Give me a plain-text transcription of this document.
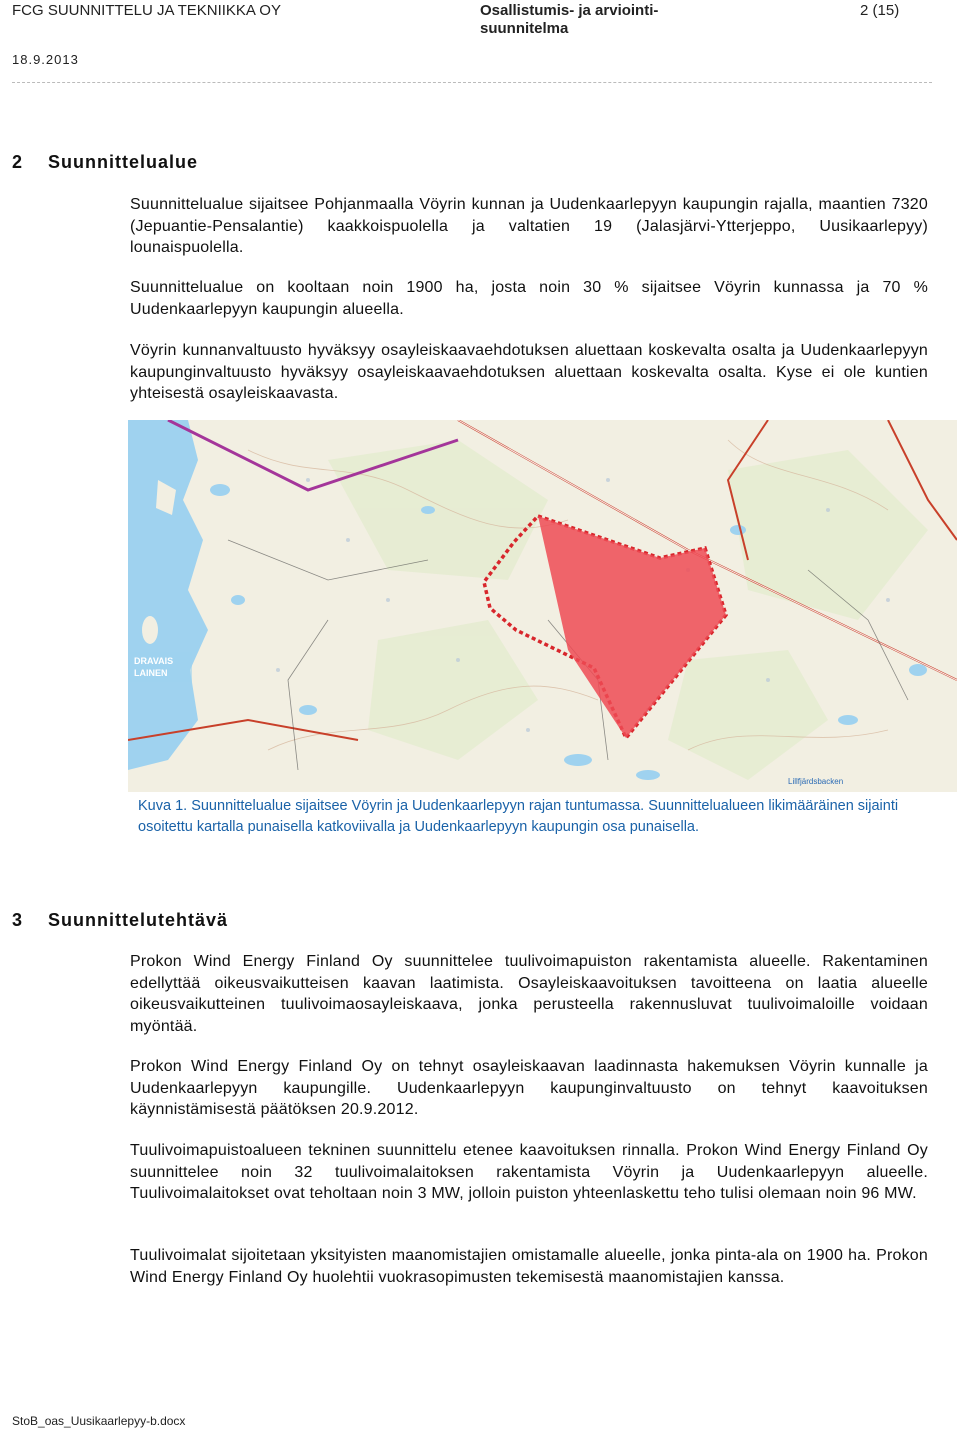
FCG SUUNNITTELU JA TEKNIIKKA OY	Osallistumis- ja arviointi-suunnitelma
2 (15)
18.9.2013
2 Suunnittelualue

Suunnittelualue sijaitsee Pohjanmaalla Vöyrin kunnan ja Uudenkaarlepyyn kaupungin rajalla, maantien 7320 (Jepuantie-Pensalantie) kaakkoispuolella ja valtatien 19 (Jalasjärvi-Ytterjeppo, Uusikaarlepyy) lounaispuolella.

Suunnittelualue on kooltaan noin 1900 ha, josta noin 30 % sijaitsee Vöyrin kunnassa ja 70 % Uudenkaarlepyyn kaupungin alueella.

Vöyrin kunnanvaltuusto hyväksyy osayleiskaavaehdotuksen aluettaan koskevalta osalta ja Uudenkaarlepyyn kaupunginvaltuusto hyväksyy osayleiskaavaehdotuksen aluettaan koskevalta osalta. Kyse ei ole kuntien yhteisestä osayleiskaavasta.

DRAVAIS
LAINEN
Lillfjärdsbacken

Kuva 1. Suunnittelualue sijaitsee Vöyrin ja Uudenkaarlepyyn rajan tuntumassa. Suunnittelualueen likimääräinen sijainti osoitettu kartalla punaisella katkoviivalla ja Uudenkaarlepyyn kaupungin osa punaisella.

3 Suunnittelutehtävä

Prokon Wind Energy Finland Oy suunnittelee tuulivoimapuiston rakentamista alueelle. Rakentaminen edellyttää oikeusvaikutteisen kaavan laatimista. Osayleiskaavoituksen tavoitteena on laatia alueelle oikeusvaikutteinen tuulivoimaosayleiskaava, jonka perusteella rakennusluvat tuulivoimaloille voidaan myöntää.

Prokon Wind Energy Finland Oy on tehnyt osayleiskaavan laadinnasta hakemuksen Vöyrin kunnalle ja Uudenkaarlepyyn kaupungille. Uudenkaarlepyyn kaupunginvaltuusto on tehnyt kaavoituksen käynnistämisestä päätöksen 20.9.2012.

Tuulivoimapuistoalueen tekninen suunnittelu etenee kaavoituksen rinnalla. Prokon Wind Energy Finland Oy suunnittelee noin 32 tuulivoimalaitoksen rakentamista Vöyrin ja Uudenkaarlepyyn alueelle. Tuulivoimalaitokset ovat teholtaan noin 3 MW, jolloin puiston yhteenlaskettu teho tulisi olemaan noin 96 MW.

Tuulivoimalat sijoitetaan yksityisten maanomistajien omistamalle alueelle, jonka pinta-ala on 1900 ha. Prokon Wind Energy Finland Oy huolehtii vuokrasopimusten tekemisestä maanomistajien kanssa.

StoB_oas_Uusikaarlepyy-b.docx
